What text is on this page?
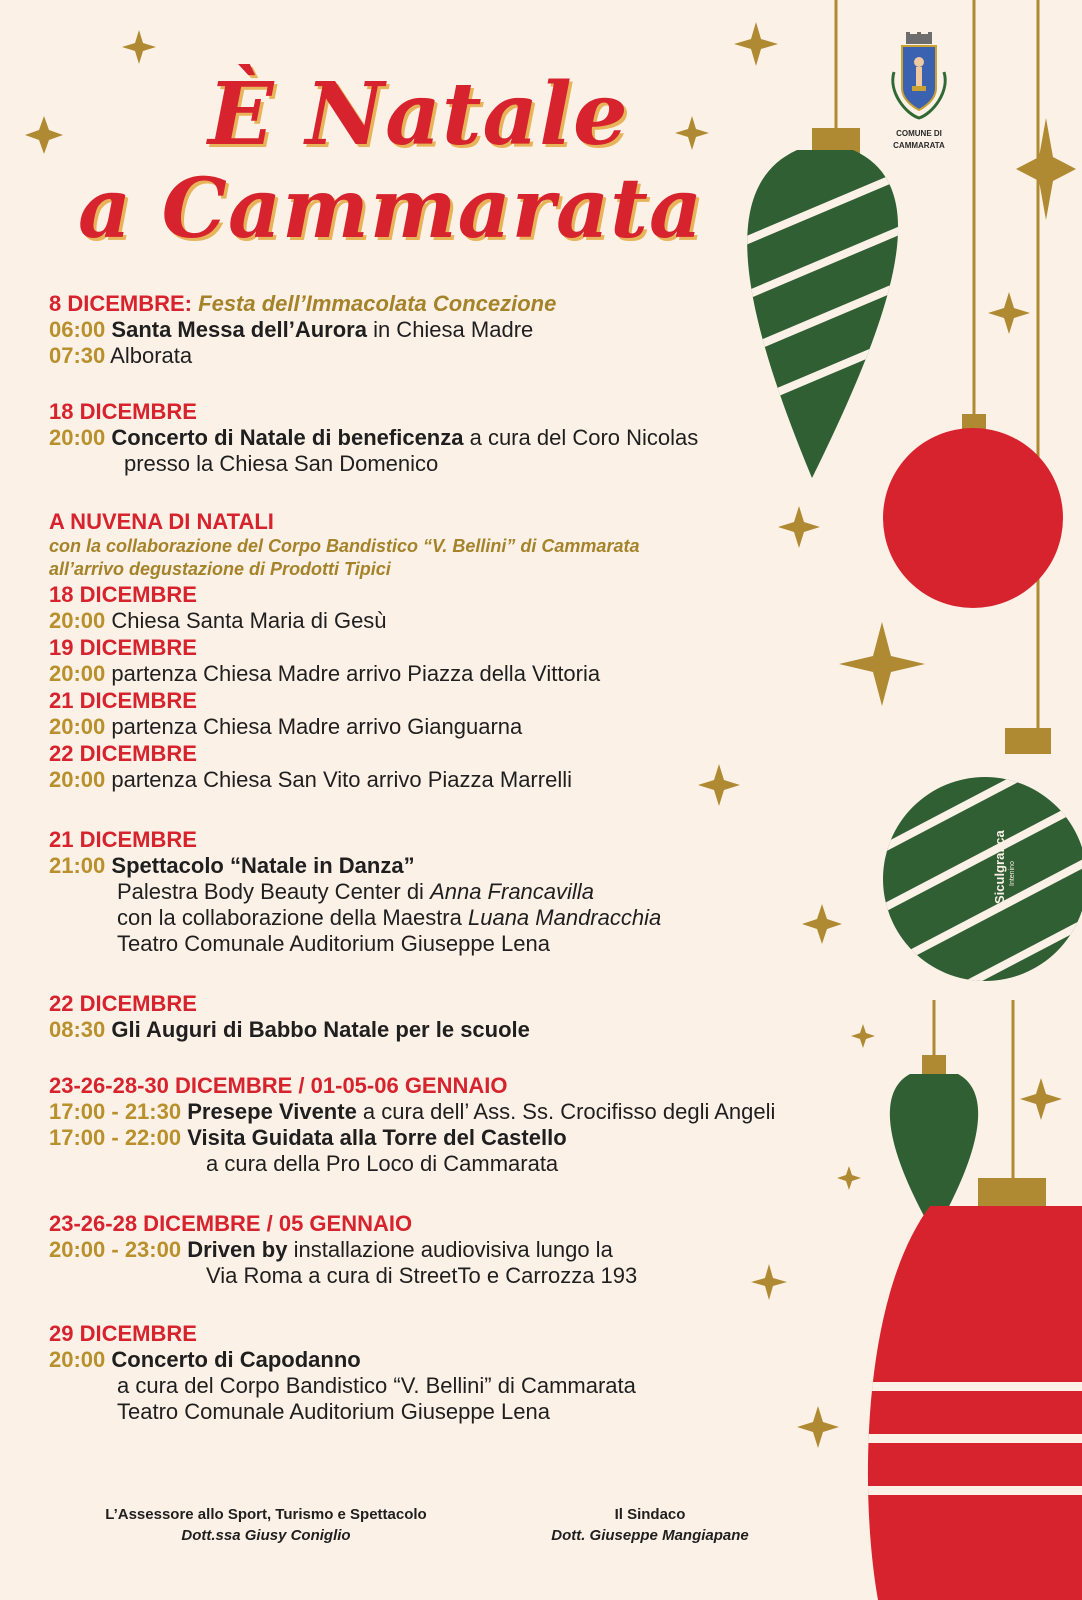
È Natale
a Cammarata
COMUNE DI
CAMMARATA
8 DICEMBRE: Festa dell’Immacolata Concezione
06:00 Santa Messa dell’Aurora in Chiesa Madre
07:30 Alborata
18 DICEMBRE
20:00 Concerto di Natale di beneficenza a cura del Coro Nicolas
presso la Chiesa San Domenico
A NUVENA DI NATALI
con la collaborazione del Corpo Bandistico “V. Bellini” di Cammarata
all’arrivo degustazione di Prodotti Tipici
18 DICEMBRE
20:00 Chiesa Santa Maria di Gesù
19 DICEMBRE
20:00 partenza Chiesa Madre arrivo Piazza della Vittoria
21 DICEMBRE
20:00 partenza Chiesa Madre arrivo Gianguarna
22 DICEMBRE
20:00 partenza Chiesa San Vito arrivo Piazza Marrelli
21 DICEMBRE
21:00 Spettacolo “Natale in Danza”
Palestra Body Beauty Center di Anna Francavilla
con la collaborazione della Maestra Luana Mandracchia
Teatro Comunale Auditorium Giuseppe Lena
22 DICEMBRE
08:30 Gli Auguri di Babbo Natale per le scuole
23-26-28-30 DICEMBRE / 01-05-06 GENNAIO
17:00 - 21:30 Presepe Vivente a cura dell’ Ass. Ss. Crocifisso degli Angeli
17:00 - 22:00 Visita Guidata alla Torre del Castello
a cura della Pro Loco di Cammarata
23-26-28 DICEMBRE / 05 GENNAIO
20:00 - 23:00 Driven by installazione audiovisiva lungo la
Via Roma a cura di StreetTo e Carrozza 193
29 DICEMBRE
20:00 Concerto di Capodanno
a cura del Corpo Bandistico “V. Bellini” di Cammarata
Teatro Comunale Auditorium Giuseppe Lena
L’Assessore allo Sport, Turismo e Spettacolo
Dott.ssa Giusy Coniglio
Il Sindaco
Dott. Giuseppe Mangiapane
Siculgrafica Intenino
